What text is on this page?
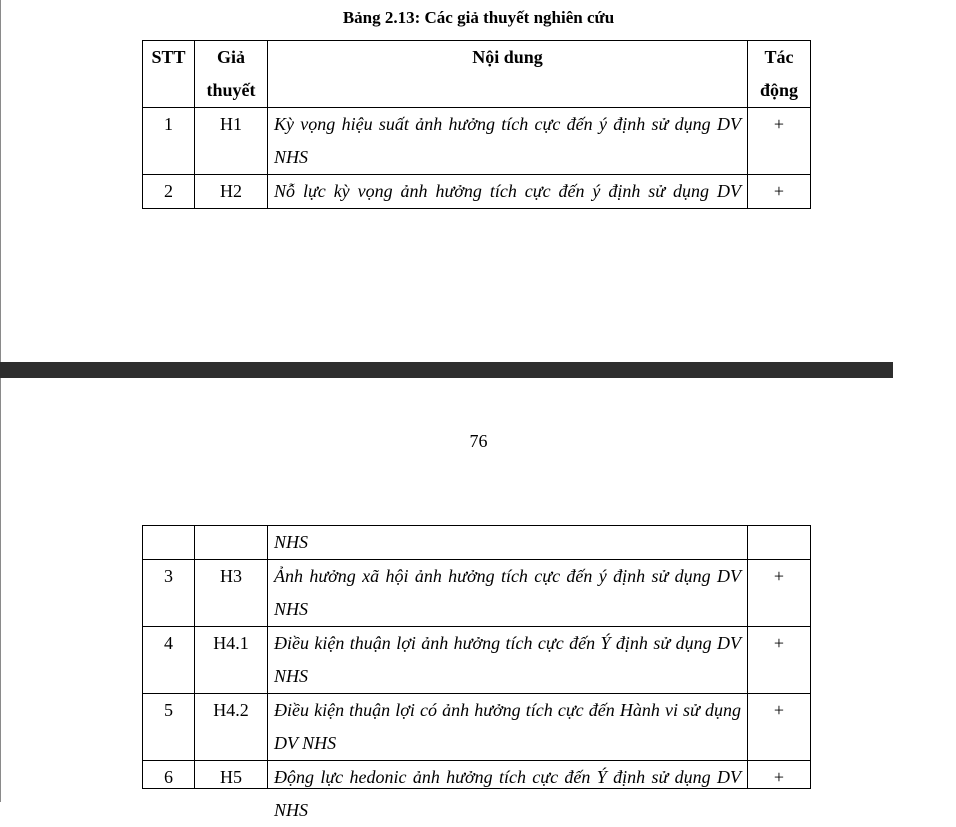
Bảng 2.13: Các giả thuyết nghiên cứu
STT	Giả thuyết	Nội dung	Tác động
1	H1	Kỳ vọng hiệu suất ảnh hưởng tích cực đến ý định sử dụng DV NHS	+
2	H2	Nỗ lực kỳ vọng ảnh hưởng tích cực đến ý định sử dụng DV	+
76
		NHS	
3	H3	Ảnh hưởng xã hội ảnh hưởng tích cực đến ý định sử dụng DV NHS	+
4	H4.1	Điều kiện thuận lợi ảnh hưởng tích cực đến Ý định sử dụng DV NHS	+
5	H4.2	Điều kiện thuận lợi có ảnh hưởng tích cực đến Hành vi sử dụng DV NHS	+

6	H5	Động lực hedonic ảnh hưởng tích cực đến Ý định sử dụng DV NHS	+
